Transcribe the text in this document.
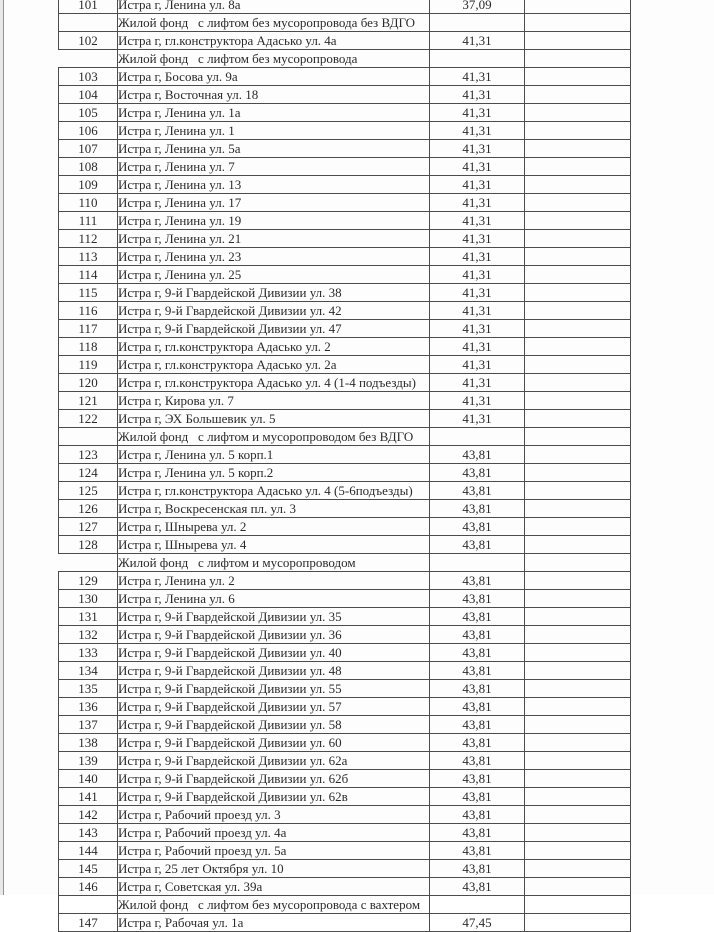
101	Истра г, Ленина ул. 8а	37,09	
	Жилой фонд   с лифтом без мусоропровода без ВДГО		
102	Истра г, гл.конструктора Адасько ул. 4а	41,31	
	Жилой фонд   с лифтом без мусоропровода		
103	Истра г, Босова ул. 9а	41,31	
104	Истра г, Восточная ул. 18	41,31	
105	Истра г, Ленина ул. 1а	41,31	
106	Истра г, Ленина ул. 1	41,31	
107	Истра г, Ленина ул. 5а	41,31	
108	Истра г, Ленина ул. 7	41,31	
109	Истра г, Ленина ул. 13	41,31	
110	Истра г, Ленина ул. 17	41,31	
111	Истра г, Ленина ул. 19	41,31	
112	Истра г, Ленина ул. 21	41,31	
113	Истра г, Ленина ул. 23	41,31	
114	Истра г, Ленина ул. 25	41,31	
115	Истра г, 9-й Гвардейской Дивизии ул. 38	41,31	
116	Истра г, 9-й Гвардейской Дивизии ул. 42	41,31	
117	Истра г, 9-й Гвардейской Дивизии ул. 47	41,31	
118	Истра г, гл.конструктора Адасько ул. 2	41,31	
119	Истра г, гл.конструктора Адасько ул. 2а	41,31	
120	Истра г, гл.конструктора Адасько ул. 4 (1-4 подъезды)	41,31	
121	Истра г, Кирова ул. 7	41,31	
122	Истра г, ЭХ Большевик ул. 5	41,31	
	Жилой фонд   с лифтом и мусоропроводом без ВДГО		
123	Истра г, Ленина ул. 5 корп.1	43,81	
124	Истра г, Ленина ул. 5 корп.2	43,81	
125	Истра г, гл.конструктора Адасько ул. 4 (5-6подъезды)	43,81	
126	Истра г, Воскресенская пл. ул. 3	43,81	
127	Истра г, Шнырева ул. 2	43,81	
128	Истра г, Шнырева ул. 4	43,81	
	Жилой фонд   с лифтом и мусоропроводом		
129	Истра г, Ленина ул. 2	43,81	
130	Истра г, Ленина ул. 6	43,81	
131	Истра г, 9-й Гвардейской Дивизии ул. 35	43,81	
132	Истра г, 9-й Гвардейской Дивизии ул. 36	43,81	
133	Истра г, 9-й Гвардейской Дивизии ул. 40	43,81	
134	Истра г, 9-й Гвардейской Дивизии ул. 48	43,81	
135	Истра г, 9-й Гвардейской Дивизии ул. 55	43,81	
136	Истра г, 9-й Гвардейской Дивизии ул. 57	43,81	
137	Истра г, 9-й Гвардейской Дивизии ул. 58	43,81	
138	Истра г, 9-й Гвардейской Дивизии ул. 60	43,81	
139	Истра г, 9-й Гвардейской Дивизии ул. 62а	43,81	
140	Истра г, 9-й Гвардейской Дивизии ул. 62б	43,81	
141	Истра г, 9-й Гвардейской Дивизии ул. 62в	43,81	
142	Истра г, Рабочий проезд ул. 3	43,81	
143	Истра г, Рабочий проезд ул. 4а	43,81	
144	Истра г, Рабочий проезд ул. 5а	43,81	
145	Истра г, 25 лет Октября ул. 10	43,81	
146	Истра г, Советская ул. 39а	43,81	
	Жилой фонд   с лифтом без мусоропровода с вахтером		
147	Истра г, Рабочая ул. 1а	47,45	
